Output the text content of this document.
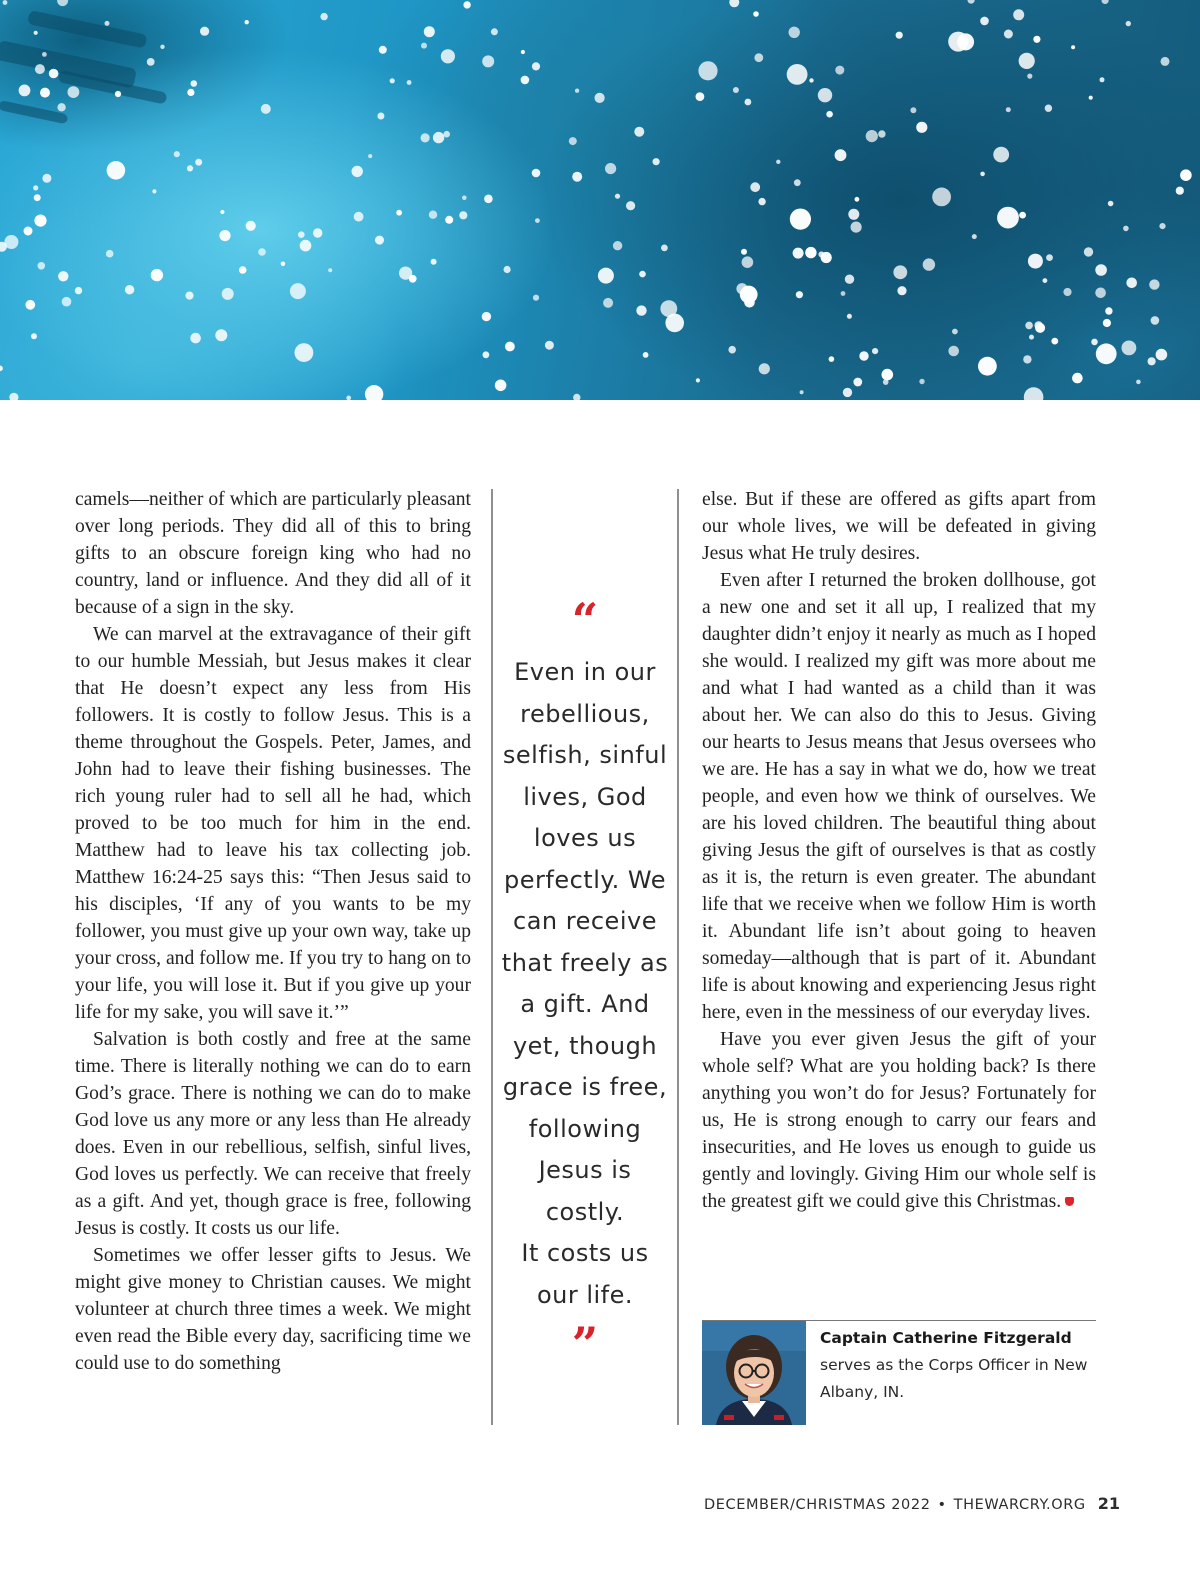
camels—neither of which are particularly pleasant over long periods. They did all of this to bring gifts to an obscure foreign king who had no country, land or influence. And they did all of it because of a sign in the sky.

We can marvel at the extravagance of their gift to our humble Messiah, but Jesus makes it clear that He doesn’t expect any less from His followers. It is costly to follow Jesus. This is a theme throughout the Gospels. Peter, James, and John had to leave their fishing businesses. The rich young ruler had to sell all he had, which proved to be too much for him in the end. Matthew had to leave his tax collecting job. Matthew 16:24-25 says this: “Then Jesus said to his disciples, ‘If any of you wants to be my follower, you must give up your own way, take up your cross, and follow me. If you try to hang on to your life, you will lose it. But if you give up your life for my sake, you will save it.’”

Salvation is both costly and free at the same time. There is literally nothing we can do to earn God’s grace. There is nothing we can do to make God love us any more or any less than He already does. Even in our rebellious, selfish, sinful lives, God loves us perfectly. We can receive that freely as a gift. And yet, though grace is free, following Jesus is costly. It costs us our life.

Sometimes we offer lesser gifts to Jesus. We might give money to Christian causes. We might volunteer at church three times a week. We might even read the Bible every day, sacrificing time we could use to do something

“
Even in our
rebellious,
selfish, sinful
lives, God
loves us
perfectly. We
can receive
that freely as
a gift. And
yet, though
grace is free,
following
Jesus is
costly.
It costs us
our life.
”

else. But if these are offered as gifts apart from our whole lives, we will be defeated in giving Jesus what He truly desires.

Even after I returned the broken dollhouse, got a new one and set it all up, I realized that my daughter didn’t enjoy it nearly as much as I hoped she would. I realized my gift was more about me and what I had wanted as a child than it was about her. We can also do this to Jesus. Giving our hearts to Jesus means that Jesus oversees who we are. He has a say in what we do, how we treat people, and even how we think of ourselves. We are his loved children. The beautiful thing about giving Jesus the gift of ourselves is that as costly as it is, the return is even greater. The abundant life that we receive when we follow Him is worth it. Abundant life isn’t about going to heaven someday—although that is part of it. Abundant life is about knowing and experiencing Jesus right here, even in the messiness of our everyday lives.

Have you ever given Jesus the gift of your whole self? What are you holding back? Is there anything you won’t do for Jesus? Fortunately for us, He is strong enough to carry our fears and insecurities, and He loves us enough to guide us gently and lovingly. Giving Him our whole self is the greatest gift we could give this Christmas.

Captain Catherine Fitzgerald
serves as the Corps Officer in New Albany, IN.
DECEMBER/CHRISTMAS 2022 • THEWARCRY.ORG 21
